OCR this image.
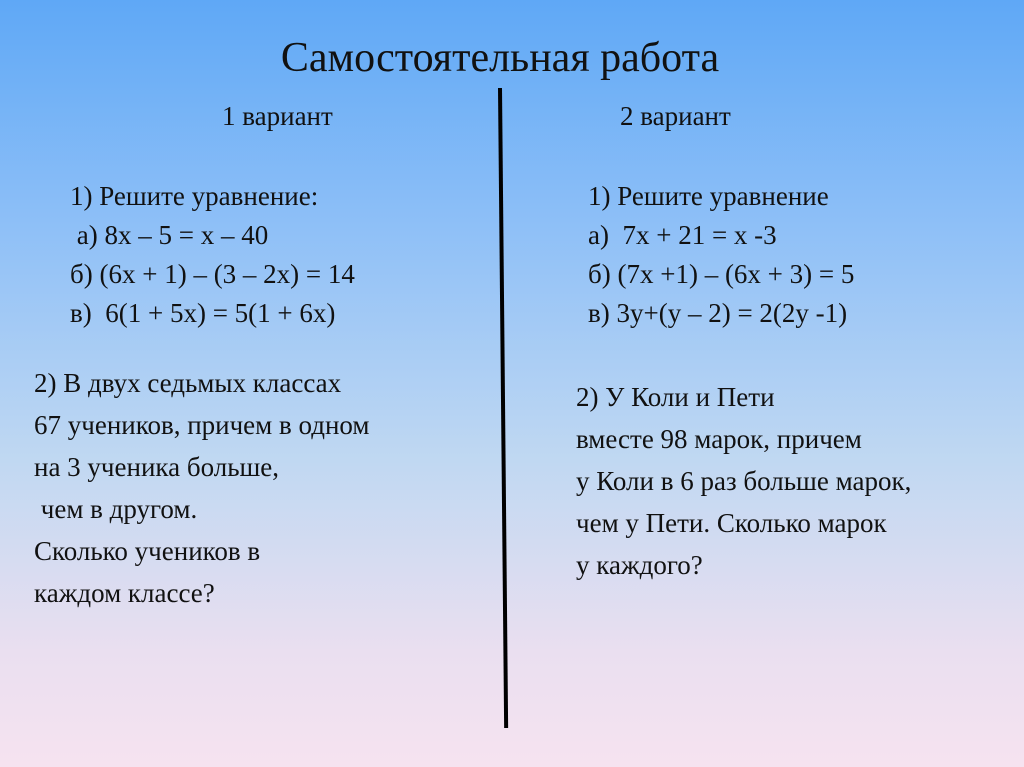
Самостоятельная работа
1 вариант
1) Решите уравнение:
а) 8х – 5 = х – 40
б) (6х + 1) – (3 – 2х) = 14
в)  6(1 + 5х) = 5(1 + 6х)
2) В двух седьмых классах
67 учеников, причем в одном
на 3 ученика больше,
чем в другом.
Сколько учеников в
каждом классе?
2 вариант
1) Решите уравнение
а)  7х + 21 = х -3
б) (7х +1) – (6х + 3) = 5
в) 3у+(у – 2) = 2(2у -1)
2) У Коли и Пети
вместе 98 марок, причем
у Коли в 6 раз больше марок,
чем у Пети. Сколько марок
у каждого?
